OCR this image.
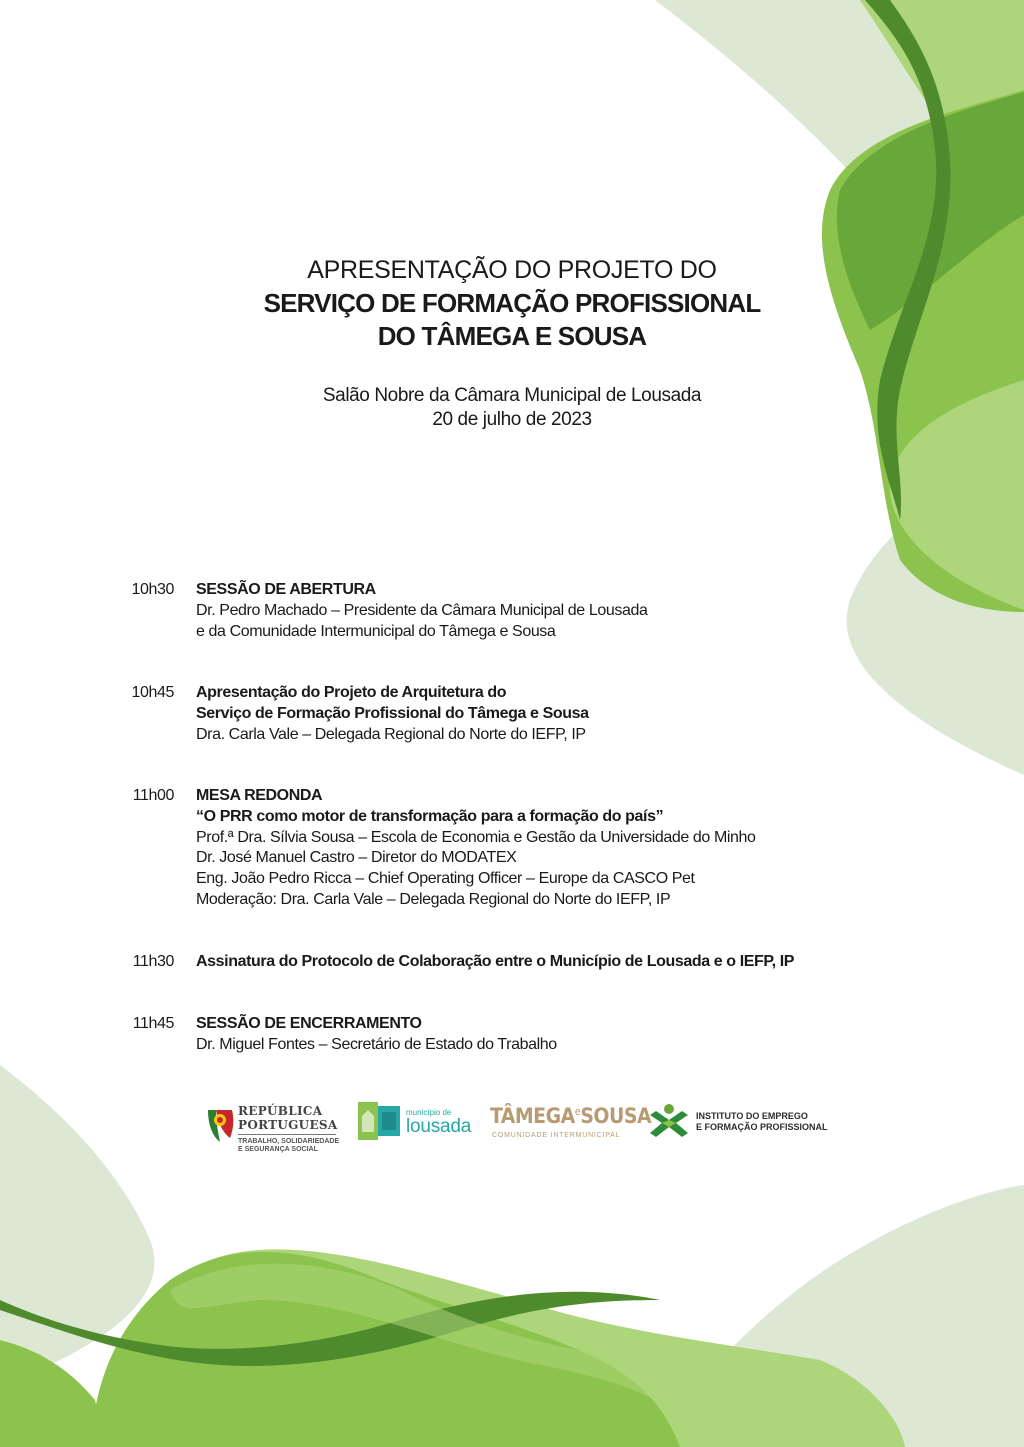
APRESENTAÇÃO DO PROJETO DO
SERVIÇO DE FORMAÇÃO PROFISSIONAL
DO TÂMEGA E SOUSA
Salão Nobre da Câmara Municipal de Lousada
20 de julho de 2023
10h30 SESSÃO DE ABERTURA
Dr. Pedro Machado – Presidente da Câmara Municipal de Lousada
e da Comunidade Intermunicipal do Tâmega e Sousa
10h45 Apresentação do Projeto de Arquitetura do
Serviço de Formação Profissional do Tâmega e Sousa
Dra. Carla Vale – Delegada Regional do Norte do IEFP, IP
11h00 MESA REDONDA
“O PRR como motor de transformação para a formação do país”
Prof.ª Dra. Sílvia Sousa – Escola de Economia e Gestão da Universidade do Minho
Dr. José Manuel Castro – Diretor do MODATEX
Eng. João Pedro Ricca – Chief Operating Officer – Europe da CASCO Pet
Moderação: Dra. Carla Vale – Delegada Regional do Norte do IEFP, IP
11h30 Assinatura do Protocolo de Colaboração entre o Município de Lousada e o IEFP, IP
11h45 SESSÃO DE ENCERRAMENTO
Dr. Miguel Fontes – Secretário de Estado do Trabalho
REPÚBLICA
PORTUGUESA
TRABALHO, SOLIDARIEDADE
E SEGURANÇA SOCIAL
município de
lousada TÂMEGA$^e$SOUSA
COMUNIDADE INTERMUNICIPAL
INSTITUTO DO EMPREGO
E FORMAÇÃO PROFISSIONAL
